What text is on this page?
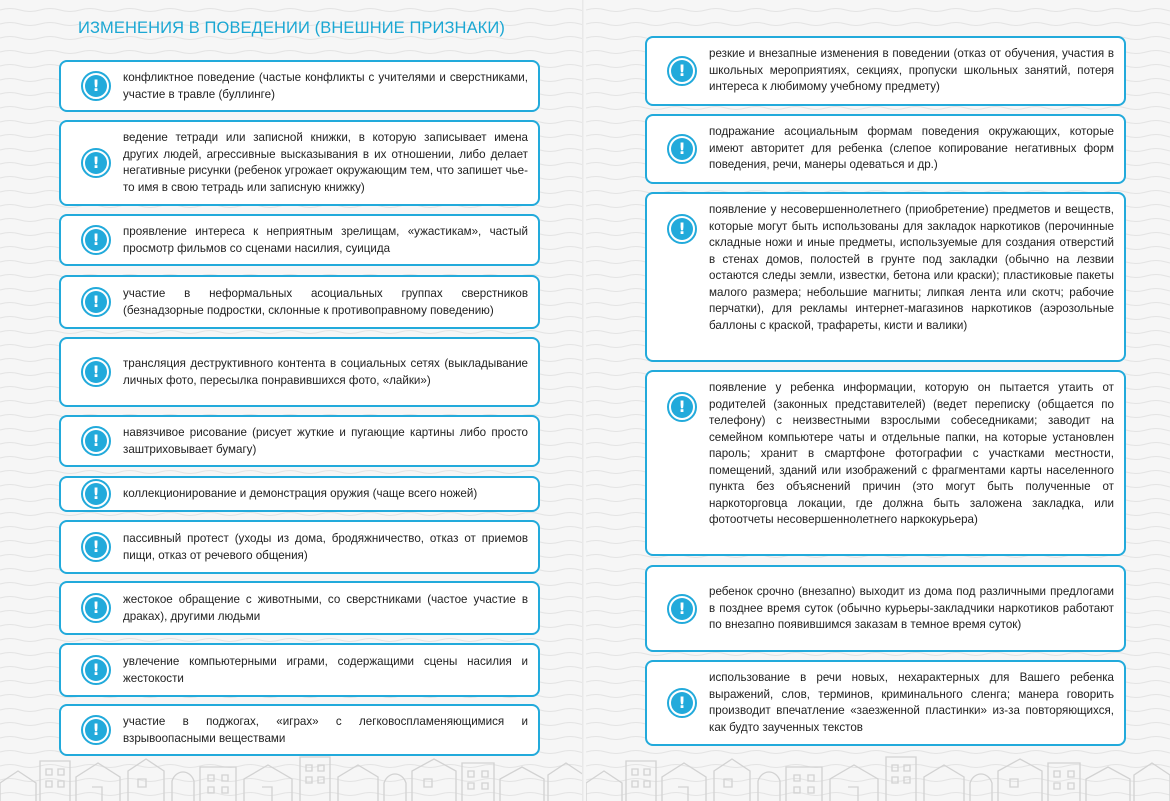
ИЗМЕНЕНИЯ В ПОВЕДЕНИИ (ВНЕШНИЕ ПРИЗНАКИ)
!	конфликтное поведение (частые конфликты с учителями и сверстниками, участие в травле (буллинге)
!
ведение тетради или записной книжки, в которую записывает имена других людей, агрессивные высказывания в их отношении, либо делает негативные рисунки (ребенок угрожает окружающим тем, что запишет чье-то имя в свою тетрадь или записную книжку)
!	проявление интереса к неприятным зрелищам, «ужастикам», частый просмотр фильмов со сценами насилия, суицида
!	участие в неформальных асоциальных группах сверстников (безнадзорные подростки, склонные к противоправному поведению)
!	трансляция деструктивного контента в социальных сетях (выкладывание личных фото, пересылка понравившихся фото, «лайки»)
!	навязчивое рисование (рисует жуткие и пугающие картины либо просто заштриховывает бумагу)
!	коллекционирование и демонстрация оружия (чаще всего ножей)
!	пассивный протест (уходы из дома, бродяжничество, отказ от приемов пищи, отказ от речевого общения)
!	жестокое обращение с животными, со сверстниками (частое участие в драках), другими людьми
!	увлечение компьютерными играми, содержащими сцены насилия и жестокости
!	участие в поджогах, «играх» с легковоспламеняющимися и взрывоопасными веществами
!
резкие и внезапные изменения в поведении (отказ от обучения, участия в школьных мероприятиях, секциях, пропуски школьных занятий, потеря интереса к любимому учебному предмету)
!
подражание асоциальным формам поведения окружающих, которые имеют авторитет для ребенка (слепое копирование негативных форм поведения, речи, манеры одеваться и др.)
!
появление у несовершеннолетнего (приобретение) предметов и веществ, которые могут быть использованы для закладок наркотиков (перочинные складные ножи и иные предметы, используемые для создания отверстий в стенах домов, полостей в грунте под закладки (обычно на лезвии остаются следы земли, известки, бетона или краски); пластиковые пакеты малого размера; небольшие магниты; липкая лента или скотч; рабочие перчатки), для рекламы интернет-магазинов наркотиков (аэрозольные баллоны с краской, трафареты, кисти и валики)
!
появление у ребенка информации, которую он пытается утаить от родителей (законных представителей) (ведет переписку (общается по телефону) с неизвестными взрослыми собеседниками; заводит на семейном компьютере чаты и отдельные папки, на которые установлен пароль; хранит в смартфоне фотографии с участками местности, помещений, зданий или изображений с фрагментами карты населенного пункта без объяснений причин (это могут быть полученные от наркоторговца локации, где должна быть заложена закладка, или фотоотчеты несовершеннолетнего наркокурьера)
!
ребенок срочно (внезапно) выходит из дома под различными предлогами в позднее время суток (обычно курьеры-закладчики наркотиков работают по внезапно появившимся заказам в темное время суток)
!
использование в речи новых, нехарактерных для Вашего ребенка выражений, слов, терминов, криминального сленга; манера говорить производит впечатление «заезженной пластинки» из-за повторяющихся, как будто заученных текстов
